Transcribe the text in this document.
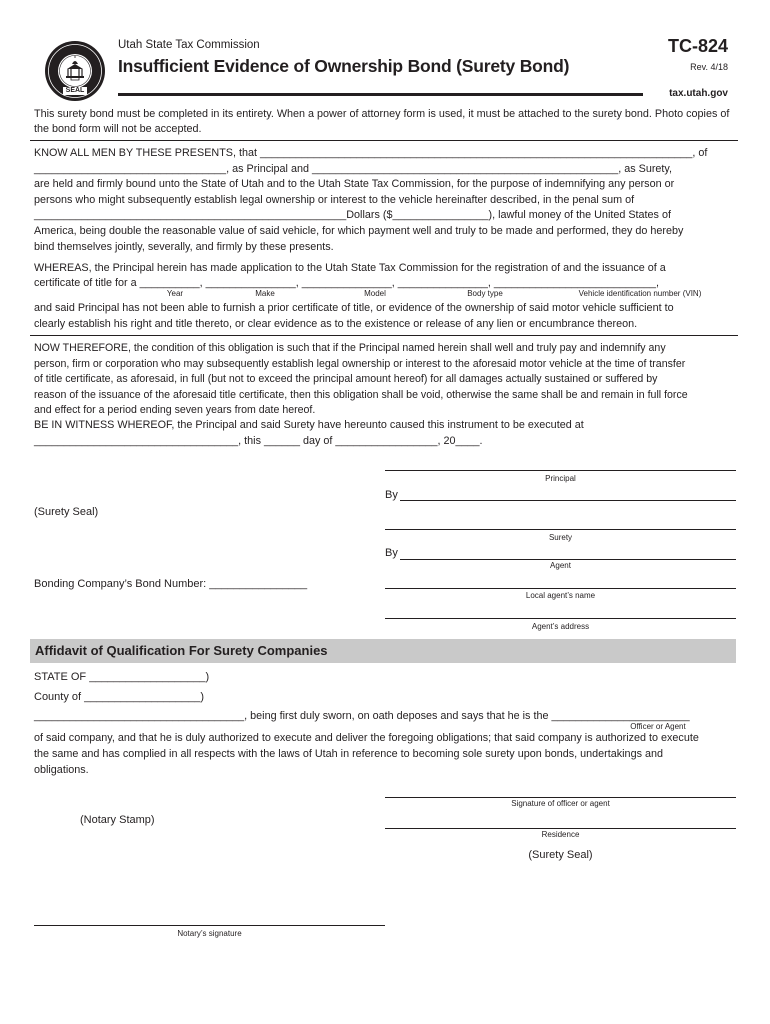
SEAL
Utah State Tax Commission
Insufficient Evidence of Ownership Bond (Surety Bond)
TC-824
Rev. 4/18
tax.utah.gov
This surety bond must be completed in its entirety. When a power of attorney form is used, it must be attached to the surety bond. Photo copies of the bond form will not be accepted.
KNOW ALL MEN BY THESE PRESENTS, that ________________________________________________________________________, of
________________________________, as Principal and ___________________________________________________, as Surety,
are held and firmly bound unto the State of Utah and to the Utah State Tax Commission, for the purpose of indemnifying any person or
persons who might subsequently establish legal ownership or interest to the vehicle hereinafter described, in the penal sum of
____________________________________________________Dollars ($________________), lawful money of the United States of
America, being double the reasonable value of said vehicle, for which payment well and truly to be made and performed, they do hereby
bind themselves jointly, severally, and firmly by these presents.
WHEREAS, the Principal herein has made application to the Utah State Tax Commission for the registration of and the issuance of a
certificate of title for a __________, _______________, _______________, _______________, ___________________________,
Year	Make	Model	Body type	Vehicle identification number (VIN)
and said Principal has not been able to furnish a prior certificate of title, or evidence of the ownership of said motor vehicle sufficient to
clearly establish his right and title thereto, or clear evidence as to the existence or release of any lien or encumbrance thereon.
NOW THEREFORE, the condition of this obligation is such that if the Principal named herein shall well and truly pay and indemnify any
person, firm or corporation who may subsequently establish legal ownership or interest to the aforesaid motor vehicle at the time of transfer
of title certificate, as aforesaid, in full (but not to exceed the principal amount hereof) for all damages actually sustained or suffered by
reason of the issuance of the aforesaid title certificate, then this obligation shall be void, otherwise the same shall be and remain in full force
and effect for a period ending seven years from date hereof.
BE IN WITNESS WHEREOF, the Principal and said Surety have hereunto caused this instrument to be executed at
__________________________________, this ______ day of _________________, 20____.
Principal
By
(Surety Seal)
Surety
By
Agent
Bonding Company’s Bond Number: ________________
Local agent’s name
Agent’s address
Affidavit of Qualification For Surety Companies
STATE OF ___________________)
County of ___________________)
___________________________________, being first duly sworn, on oath deposes and says that he is the _______________________
Officer or Agent
of said company, and that he is duly authorized to execute and deliver the foregoing obligations; that said company is authorized to execute
the same and has complied in all respects with the laws of Utah in reference to becoming sole surety upon bonds, undertakings and
obligations.
Signature of officer or agent
(Notary Stamp)
Residence
(Surety Seal)
Notary’s signature
